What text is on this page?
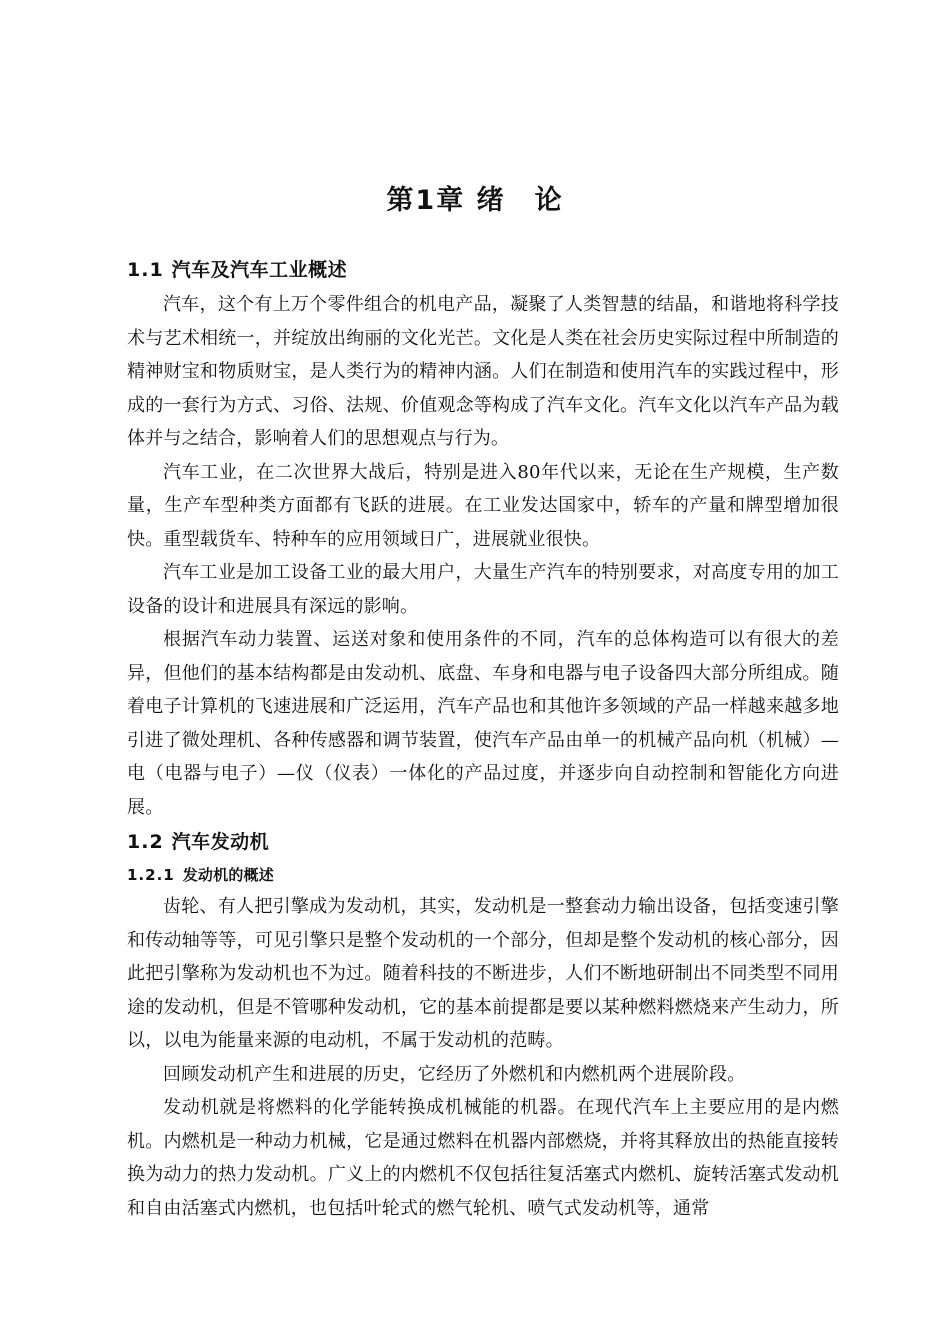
第1章 绪　论
1.1 汽车及汽车工业概述

汽车，这个有上万个零件组合的机电产品，凝聚了人类智慧的结晶，和谐地将科学技术与艺术相统一，并绽放出绚丽的文化光芒。文化是人类在社会历史实际过程中所制造的精神财宝和物质财宝，是人类行为的精神内涵。人们在制造和使用汽车的实践过程中，形成的一套行为方式、习俗、法规、价值观念等构成了汽车文化。汽车文化以汽车产品为载体并与之结合，影响着人们的思想观点与行为。

汽车工业，在二次世界大战后，特别是进入80年代以来，无论在生产规模，生产数量，生产车型种类方面都有飞跃的进展。在工业发达国家中，轿车的产量和牌型增加很快。重型载货车、特种车的应用领域日广，进展就业很快。

汽车工业是加工设备工业的最大用户，大量生产汽车的特别要求，对高度专用的加工设备的设计和进展具有深远的影响。

根据汽车动力装置、运送对象和使用条件的不同，汽车的总体构造可以有很大的差异，但他们的基本结构都是由发动机、底盘、车身和电器与电子设备四大部分所组成。随着电子计算机的飞速进展和广泛运用，汽车产品也和其他许多领域的产品一样越来越多地引进了微处理机、各种传感器和调节装置，使汽车产品由单一的机械产品向机（机械）—电（电器与电子）—仪（仪表）一体化的产品过度，并逐步向自动控制和智能化方向进展。

1.2 汽车发动机
1.2.1 发动机的概述

齿轮、有人把引擎成为发动机，其实，发动机是一整套动力输出设备，包括变速引擎和传动轴等等，可见引擎只是整个发动机的一个部分，但却是整个发动机的核心部分，因此把引擎称为发动机也不为过。随着科技的不断进步，人们不断地研制出不同类型不同用途的发动机，但是不管哪种发动机，它的基本前提都是要以某种燃料燃烧来产生动力，所以，以电为能量来源的电动机，不属于发动机的范畴。

回顾发动机产生和进展的历史，它经历了外燃机和内燃机两个进展阶段。

发动机就是将燃料的化学能转换成机械能的机器。在现代汽车上主要应用的是内燃机。内燃机是一种动力机械，它是通过燃料在机器内部燃烧，并将其释放出的热能直接转换为动力的热力发动机。广义上的内燃机不仅包括往复活塞式内燃机、旋转活塞式发动机和自由活塞式内燃机，也包括叶轮式的燃气轮机、喷气式发动机等，通常
